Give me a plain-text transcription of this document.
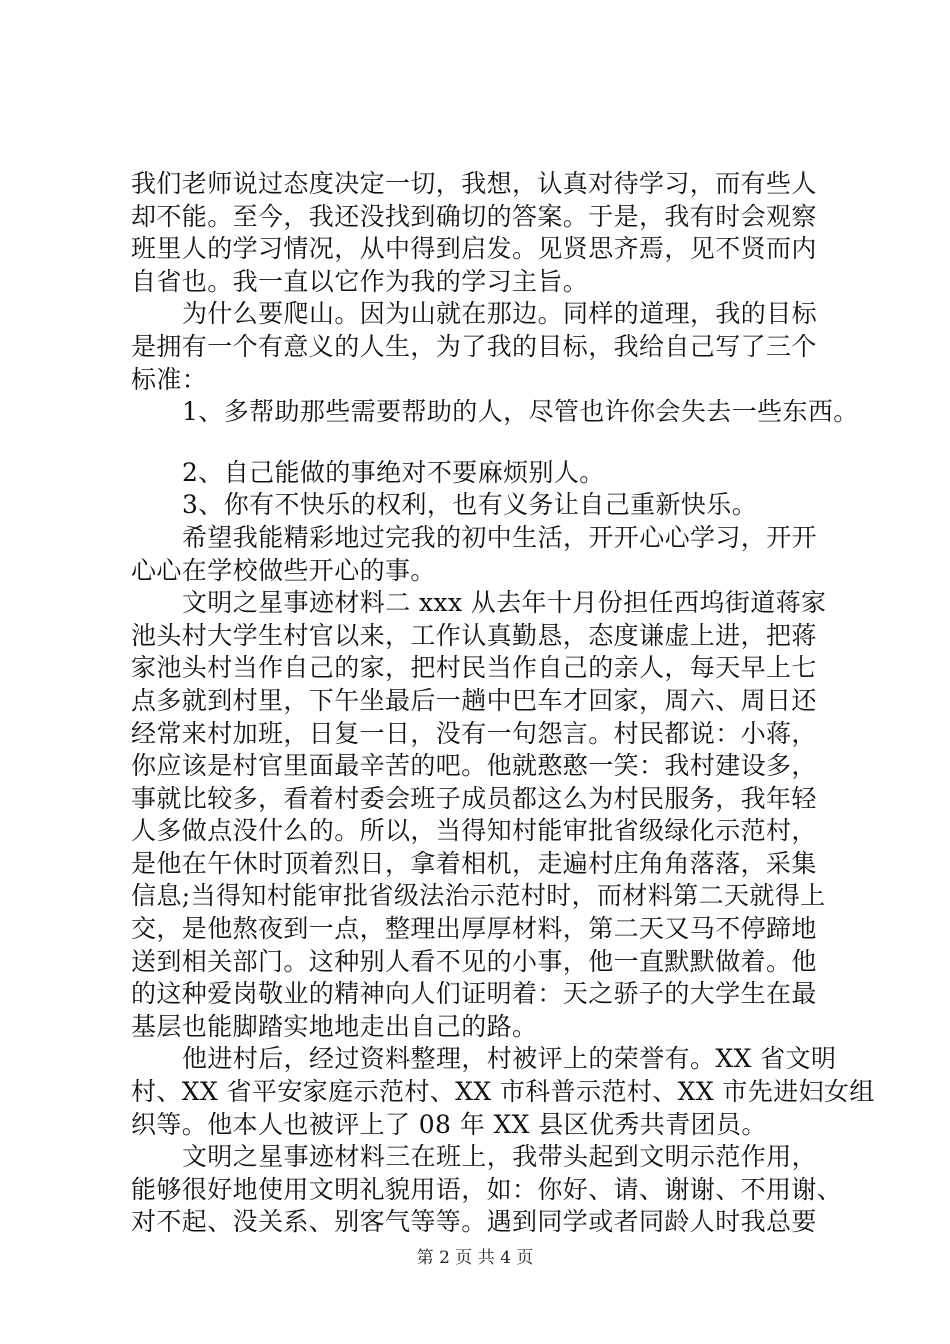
我们老师说过态度决定一切，我想，认真对待学习，而有些人
却不能。至今，我还没找到确切的答案。于是，我有时会观察
班里人的学习情况，从中得到启发。见贤思齐焉，见不贤而内
自省也。我一直以它作为我的学习主旨。
为什么要爬山。因为山就在那边。同样的道理，我的目标
是拥有一个有意义的人生，为了我的目标，我给自己写了三个
标准：
1、多帮助那些需要帮助的人，尽管也许你会失去一些东西。
2、自己能做的事绝对不要麻烦别人。
3、你有不快乐的权利，也有义务让自己重新快乐。
希望我能精彩地过完我的初中生活，开开心心学习，开开
心心在学校做些开心的事。
文明之星事迹材料二 xxx 从去年十月份担任西坞街道蒋家
池头村大学生村官以来，工作认真勤恳，态度谦虚上进，把蒋
家池头村当作自己的家，把村民当作自己的亲人，每天早上七
点多就到村里，下午坐最后一趟中巴车才回家，周六、周日还
经常来村加班，日复一日，没有一句怨言。村民都说：小蒋，
你应该是村官里面最辛苦的吧。他就憨憨一笑：我村建设多，
事就比较多，看着村委会班子成员都这么为村民服务，我年轻
人多做点没什么的。所以，当得知村能审批省级绿化示范村，
是他在午休时顶着烈日，拿着相机，走遍村庄角角落落，采集
信息;当得知村能审批省级法治示范村时，而材料第二天就得上
交，是他熬夜到一点，整理出厚厚材料，第二天又马不停蹄地
送到相关部门。这种别人看不见的小事，他一直默默做着。他
的这种爱岗敬业的精神向人们证明着：天之骄子的大学生在最
基层也能脚踏实地地走出自己的路。
他进村后，经过资料整理，村被评上的荣誉有。XX 省文明
村、XX 省平安家庭示范村、XX 市科普示范村、XX 市先进妇女组
织等。他本人也被评上了 08 年 XX 县区优秀共青团员。
文明之星事迹材料三在班上，我带头起到文明示范作用，
能够很好地使用文明礼貌用语，如：你好、请、谢谢、不用谢、
对不起、没关系、别客气等等。遇到同学或者同龄人时我总要
第 2 页 共 4 页
